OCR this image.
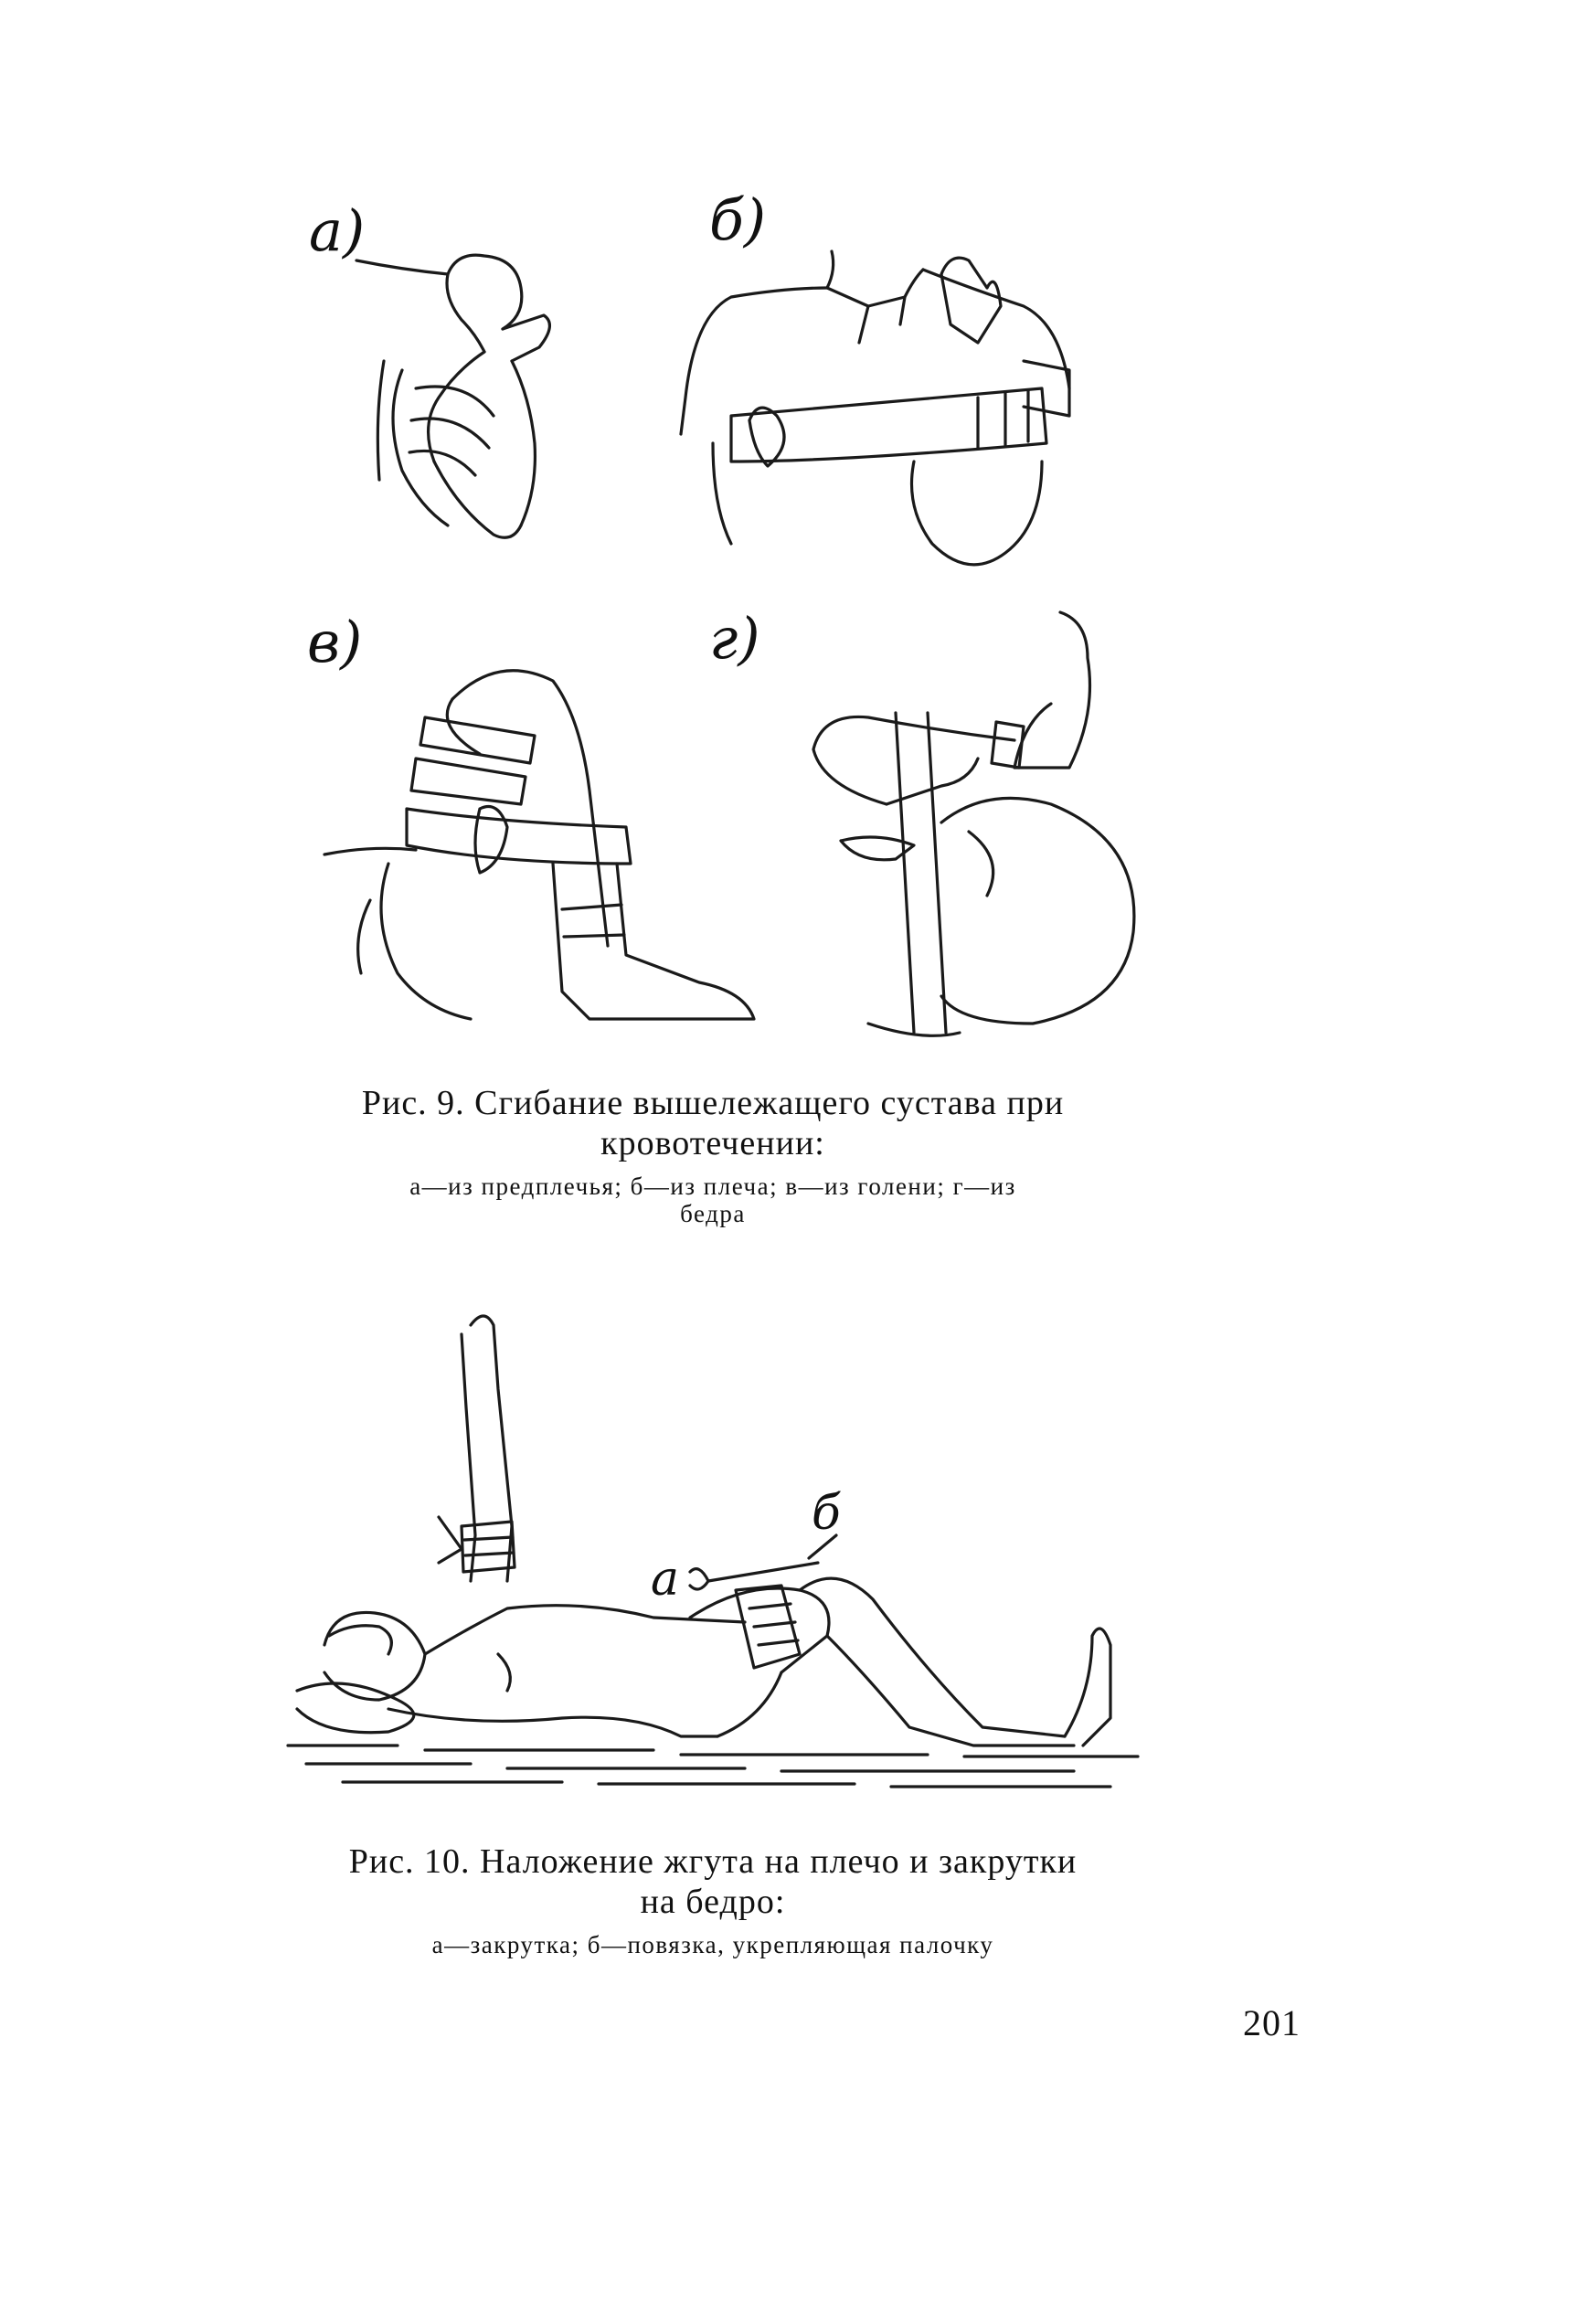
а)	б)
в)	г)
Рис. 9. Сгибание вышележащего сустава при
кровотечении:
а—из предплечья; б—из плеча; в—из голени; г—из
бедра
а
б
Рис. 10. Наложение жгута на плечо и закрутки
на бедро:
а—закрутка; б—повязка, укрепляющая палочку
201
